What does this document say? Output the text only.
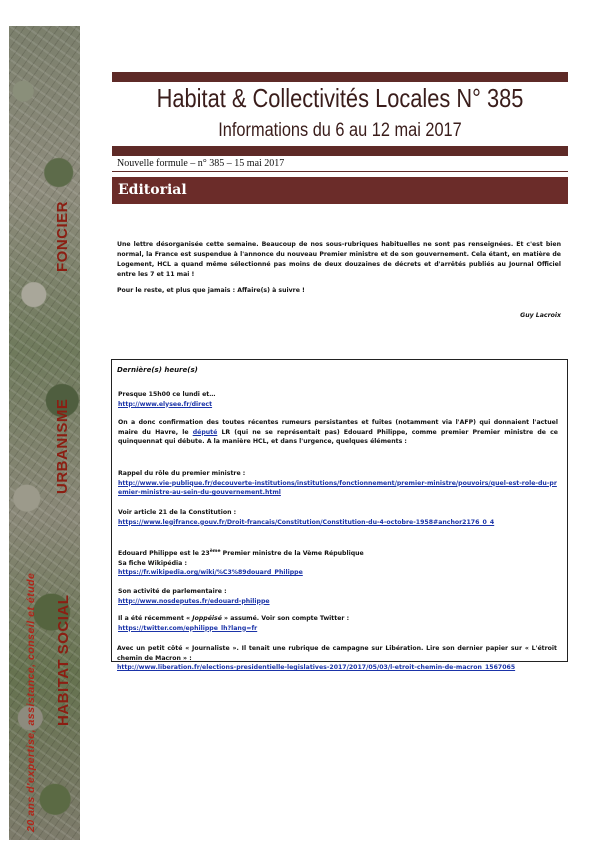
FONCIER
URBANISME
HABITAT SOCIAL
20 ans d'expertise, assistance, conseil et étude
Habitat & Collectivités Locales N° 385
Informations du 6 au 12 mai 2017
Nouvelle formule – n° 385 – 15 mai 2017
Editorial

Une lettre désorganisée cette semaine. Beaucoup de nos sous-rubriques habituelles ne sont pas renseignées. Et c'est bien normal, la France est suspendue à l'annonce du nouveau Premier ministre et de son gouvernement. Cela étant, en matière de Logement, HCL a quand même sélectionné pas moins de deux douzaines de décrets et d'arrêtés publiés au Journal Officiel entre les 7 et 11 mai !

Pour le reste, et plus que jamais : Affaire(s) à suivre !

Guy Lacroix
Dernière(s) heure(s)

Presque 15h00 ce lundi et…

http://www.elysee.fr/direct

On a donc confirmation des toutes récentes rumeurs persistantes et fuites (notamment via l'AFP) qui donnaient l'actuel maire du Havre, le député LR (qui ne se représentait pas) Edouard Philippe, comme premier Premier ministre de ce quinquennat qui débute. A la manière HCL, et dans l'urgence, quelques éléments :

Rappel du rôle du premier ministre :

http://www.vie-publique.fr/decouverte-institutions/institutions/fonctionnement/premier-ministre/pouvoirs/quel-est-role-du-premier-ministre-au-sein-du-gouvernement.html

Voir article 21 de la Constitution :

https://www.legifrance.gouv.fr/Droit-francais/Constitution/Constitution-du-4-octobre-1958#anchor2176_0_4

Edouard Philippe est le 23ème Premier ministre de la Vème République

Sa fiche Wikipédia :

https://fr.wikipedia.org/wiki/%C3%89douard_Philippe

Son activité de parlementaire :

http://www.nosdeputes.fr/edouard-philippe

Il a été récemment « Joppéisé » assumé. Voir son compte Twitter :

https://twitter.com/ephilippe_lh?lang=fr

Avec un petit côté « Journaliste ». Il tenait une rubrique de campagne sur Libération. Lire son dernier papier sur « L'étroit chemin de Macron » :

http://www.liberation.fr/elections-presidentielle-legislatives-2017/2017/05/03/l-etroit-chemin-de-macron_1567065
